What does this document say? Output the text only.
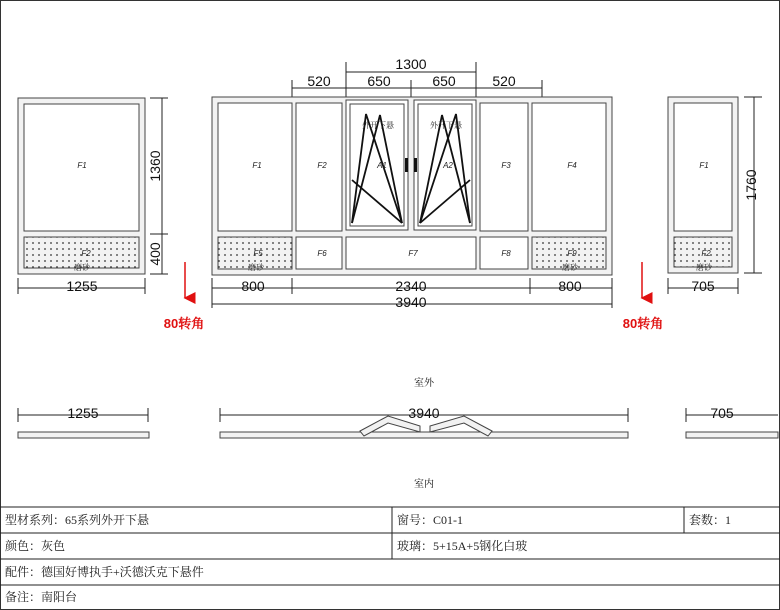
1300
520	650	650	520
F1
F2
磨砂
1360
400
1255
80转角	80转角
外开下悬	外开下悬
F1	F2	A1	A2	F3	F4
F5	F6	F7	F8	F9
磨砂	磨砂
800	2340	800
3940
F1
F2
磨砂
1760
705
室外
室内
1255	3940	705
型材系列：65系列外开下悬	窗号：C01-1	套数：1
颜色：灰色	玻璃：5+15A+5钢化白玻
配件：德国好博执手+沃德沃克下悬件
备注：南阳台
